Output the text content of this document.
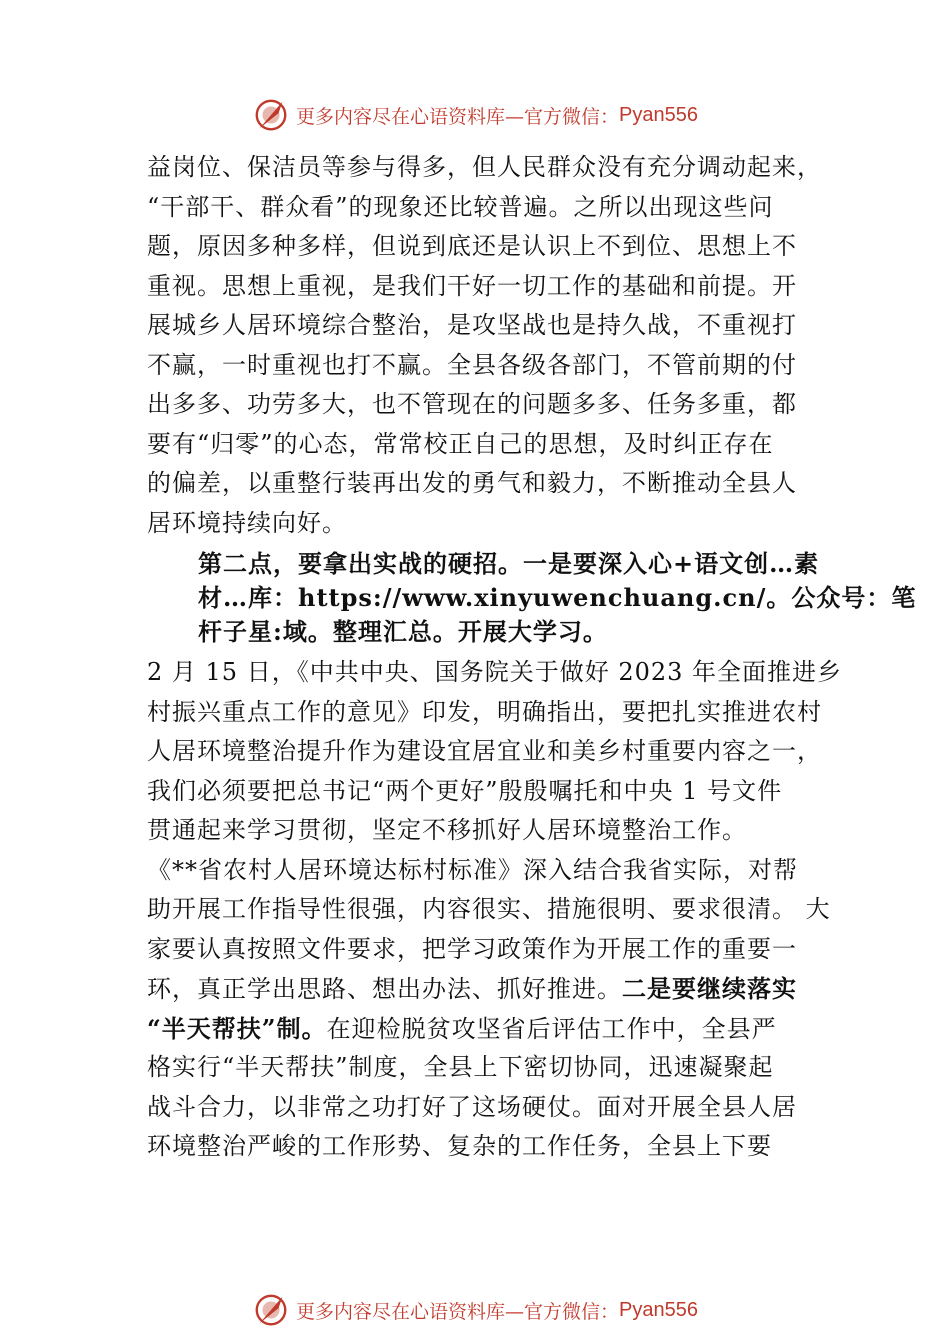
更多内容尽在心语资料库—官方微信： Pyan556
益岗位、保洁员等参与得多，但人民群众没有充分调动起来，
“干部干、群众看”的现象还比较普遍。之所以出现这些问
题，原因多种多样，但说到底还是认识上不到位、思想上不
重视。思想上重视，是我们干好一切工作的基础和前提。开
展城乡人居环境综合整治，是攻坚战也是持久战，不重视打
不赢，一时重视也打不赢。全县各级各部门，不管前期的付
出多多、功劳多大，也不管现在的问题多多、任务多重，都
要有“归零”的心态，常常校正自己的思想，及时纠正存在
的偏差，以重整行装再出发的勇气和毅力，不断推动全县人
居环境持续向好。
第二点，要拿出实战的硬招。一是要深入心+语文创…素
材…库：https://www.xinyuwenchuang.cn/。公众号：笔
杆子星:域。整理汇总。开展大学习。
2 月 15 日，《中共中央、国务院关于做好 2023 年全面推进乡
村振兴重点工作的意见》印发，明确指出，要把扎实推进农村
人居环境整治提升作为建设宜居宜业和美乡村重要内容之一，
我们必须要把总书记“两个更好”殷殷嘱托和中央 1 号文件
贯通起来学习贯彻，坚定不移抓好人居环境整治工作。
《**省农村人居环境达标村标准》深入结合我省实际，对帮
助开展工作指导性很强，内容很实、措施很明、要求很清。 大
家要认真按照文件要求，把学习政策作为开展工作的重要一
环，真正学出思路、想出办法、抓好推进。二是要继续落实
“半天帮扶”制。在迎检脱贫攻坚省后评估工作中，全县严
格实行“半天帮扶”制度，全县上下密切协同，迅速凝聚起
战斗合力，以非常之功打好了这场硬仗。面对开展全县人居
环境整治严峻的工作形势、复杂的工作任务，全县上下要
更多内容尽在心语资料库—官方微信： Pyan556
